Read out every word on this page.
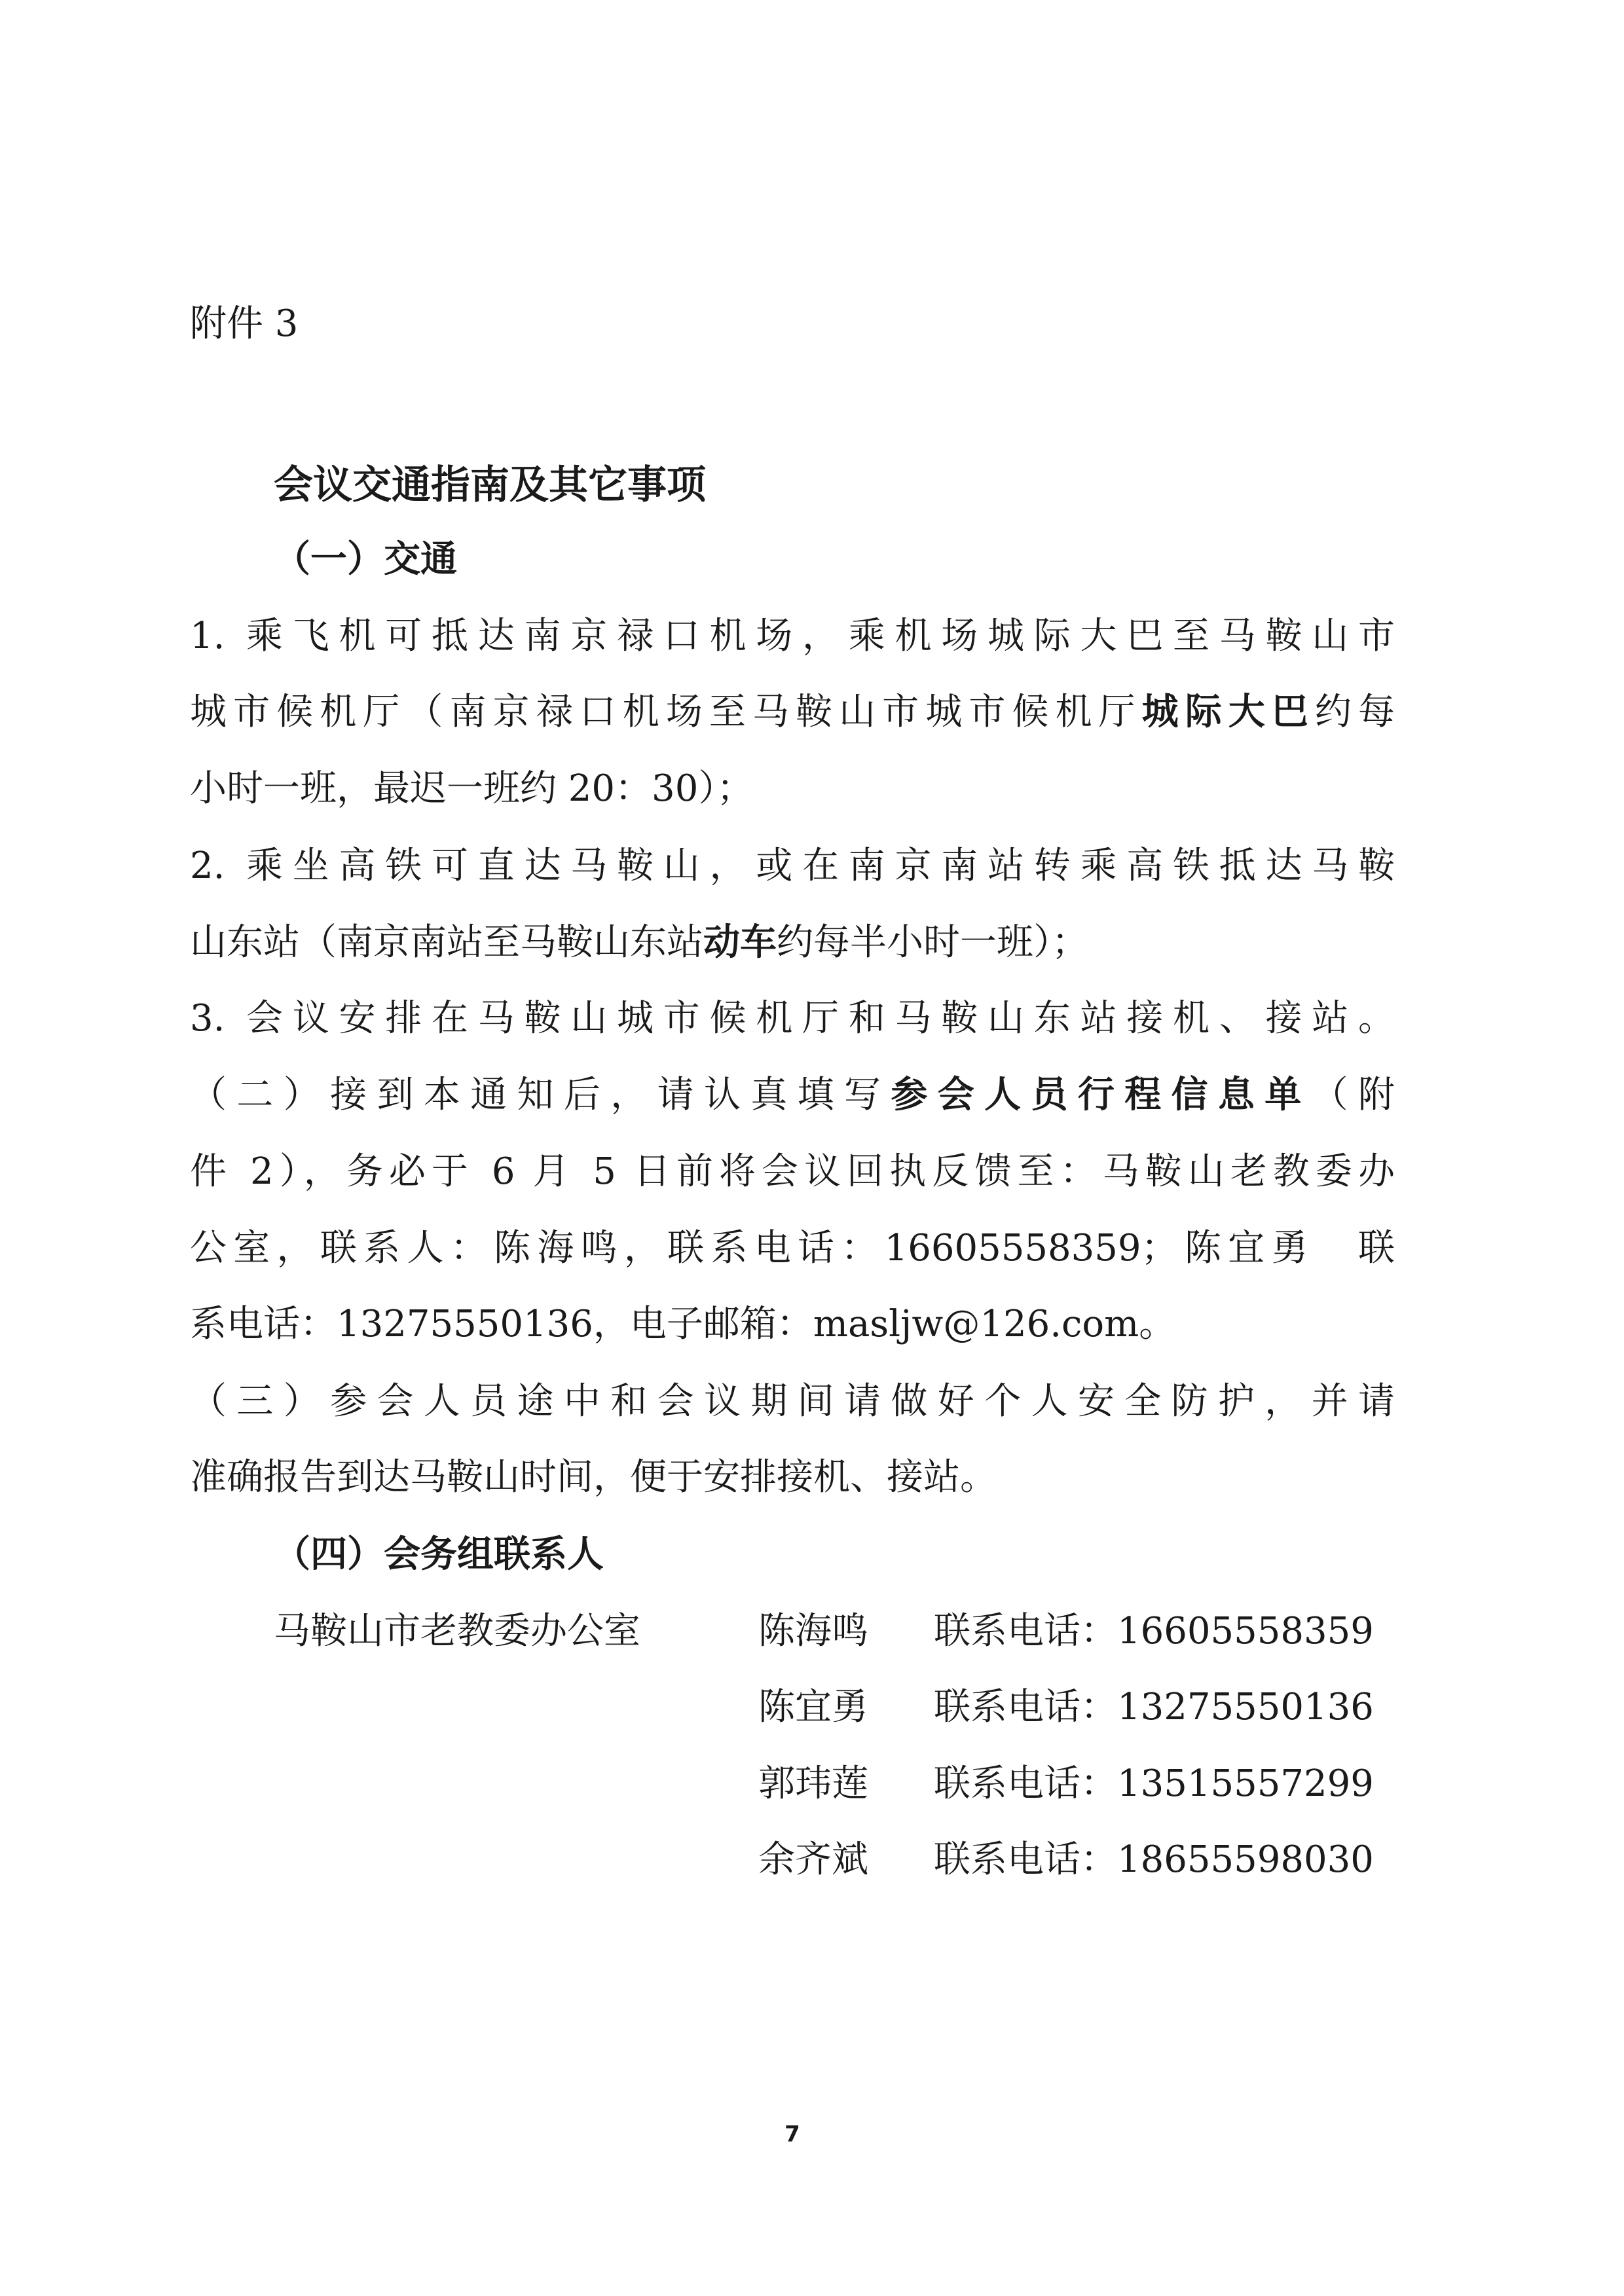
附件 3

会议交通指南及其它事项

（一）交通

1. 乘飞机可抵达南京禄口机场，乘机场城际大巴至马鞍山市

城市候机厅（南京禄口机场至马鞍山市城市候机厅城际大巴约每

小时一班，最迟一班约 20：30）；

2. 乘坐高铁可直达马鞍山，或在南京南站转乘高铁抵达马鞍

山东站（南京南站至马鞍山东站动车约每半小时一班）；

3. 会议安排在马鞍山城市候机厅和马鞍山东站接机、接站。

（二）接到本通知后，请认真填写参会人员行程信息单（附

件 2），务必于 6 月 5 日前将会议回执反馈至：马鞍山老教委办

公室，联系人：陈海鸣，联系电话：16605558359；陈宜勇　联

系电话：13275550136，电子邮箱：masljw@126.com。

（三）参会人员途中和会议期间请做好个人安全防护，并请

准确报告到达马鞍山时间，便于安排接机、接站。

（四）会务组联系人

马鞍山市老教委办公室	陈海鸣 联系电话：16605558359
陈宜勇 联系电话：13275550136
郭玮莲 联系电话：13515557299
余齐斌 联系电话：18655598030
7
